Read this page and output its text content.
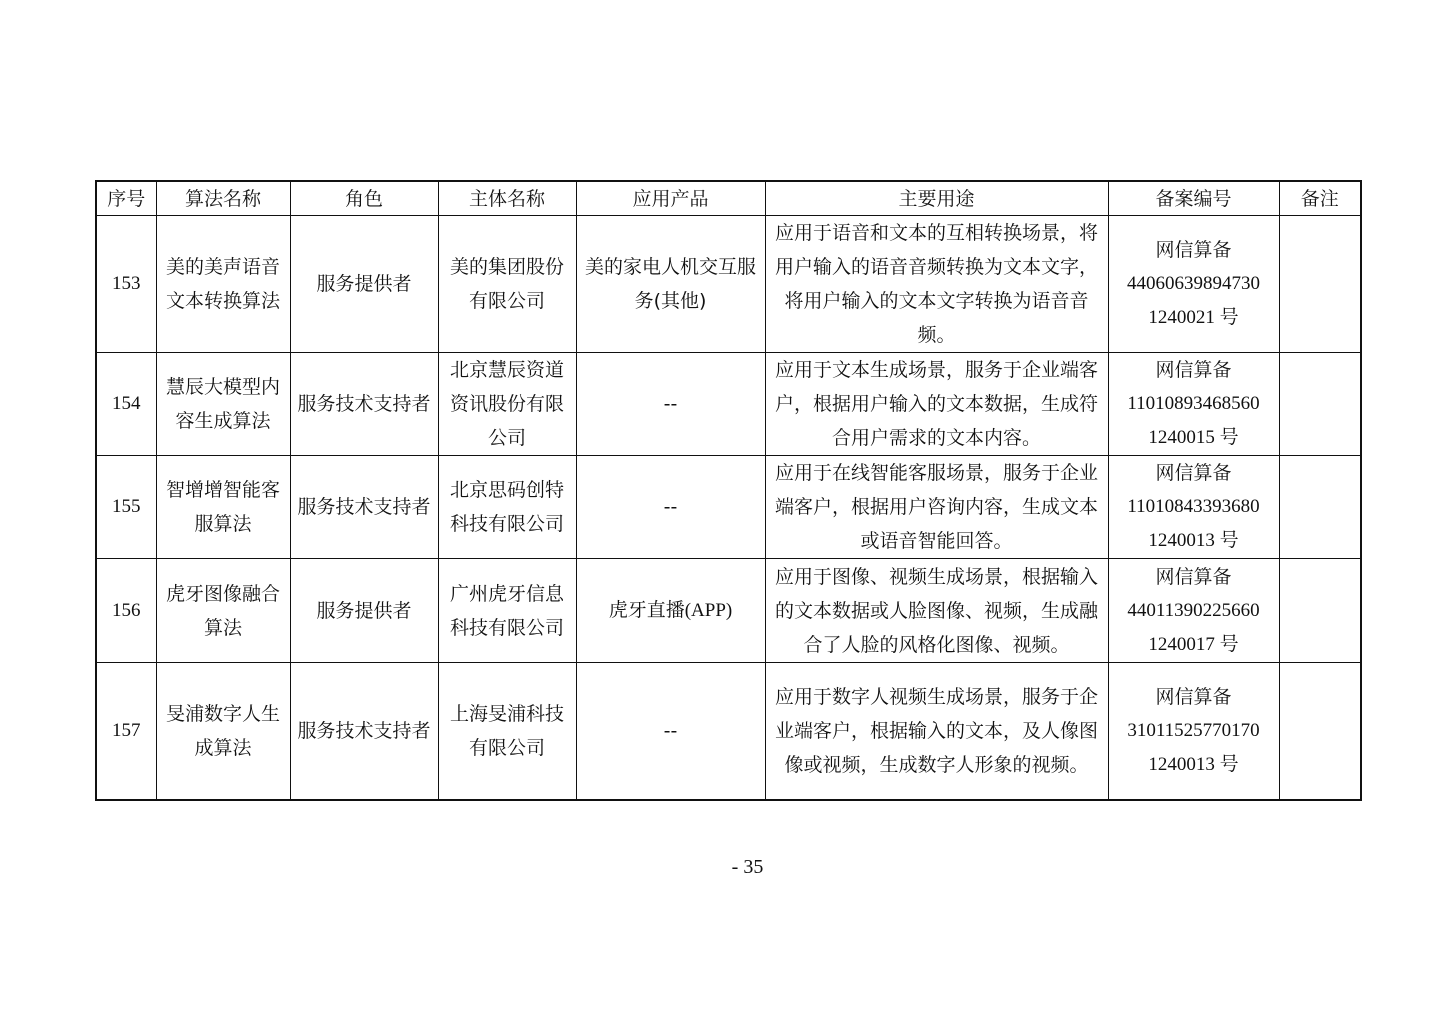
序号	算法名称	角色	主体名称	应用产品	主要用途	备案编号	备注
153	美的美声语音文本转换算法	服务提供者	美的集团股份有限公司	美的家电人机交互服务(其他)	应用于语音和文本的互相转换场景，将用户输入的语音音频转换为文本文字，将用户输入的文本文字转换为语音音频。	网信算备
44060639894730
1240021 号	

154	慧辰大模型内容生成算法	服务技术支持者	北京慧辰资道资讯股份有限公司	--	应用于文本生成场景，服务于企业端客户，根据用户输入的文本数据，生成符合用户需求的文本内容。	网信算备
11010893468560
1240015 号	

155	智增增智能客服算法	服务技术支持者	北京思码创特科技有限公司	--	应用于在线智能客服场景，服务于企业端客户，根据用户咨询内容，生成文本或语音智能回答。	网信算备
11010843393680
1240013 号	

156	虎牙图像融合算法	服务提供者	广州虎牙信息科技有限公司	虎牙直播(APP)	应用于图像、视频生成场景，根据输入的文本数据或人脸图像、视频，生成融合了人脸的风格化图像、视频。	网信算备
44011390225660
1240017 号	

157	旻浦数字人生成算法	服务技术支持者	上海旻浦科技有限公司	--	应用于数字人视频生成场景，服务于企业端客户，根据输入的文本，及人像图像或视频，生成数字人形象的视频。	网信算备
31011525770170
1240013 号	

- 35
